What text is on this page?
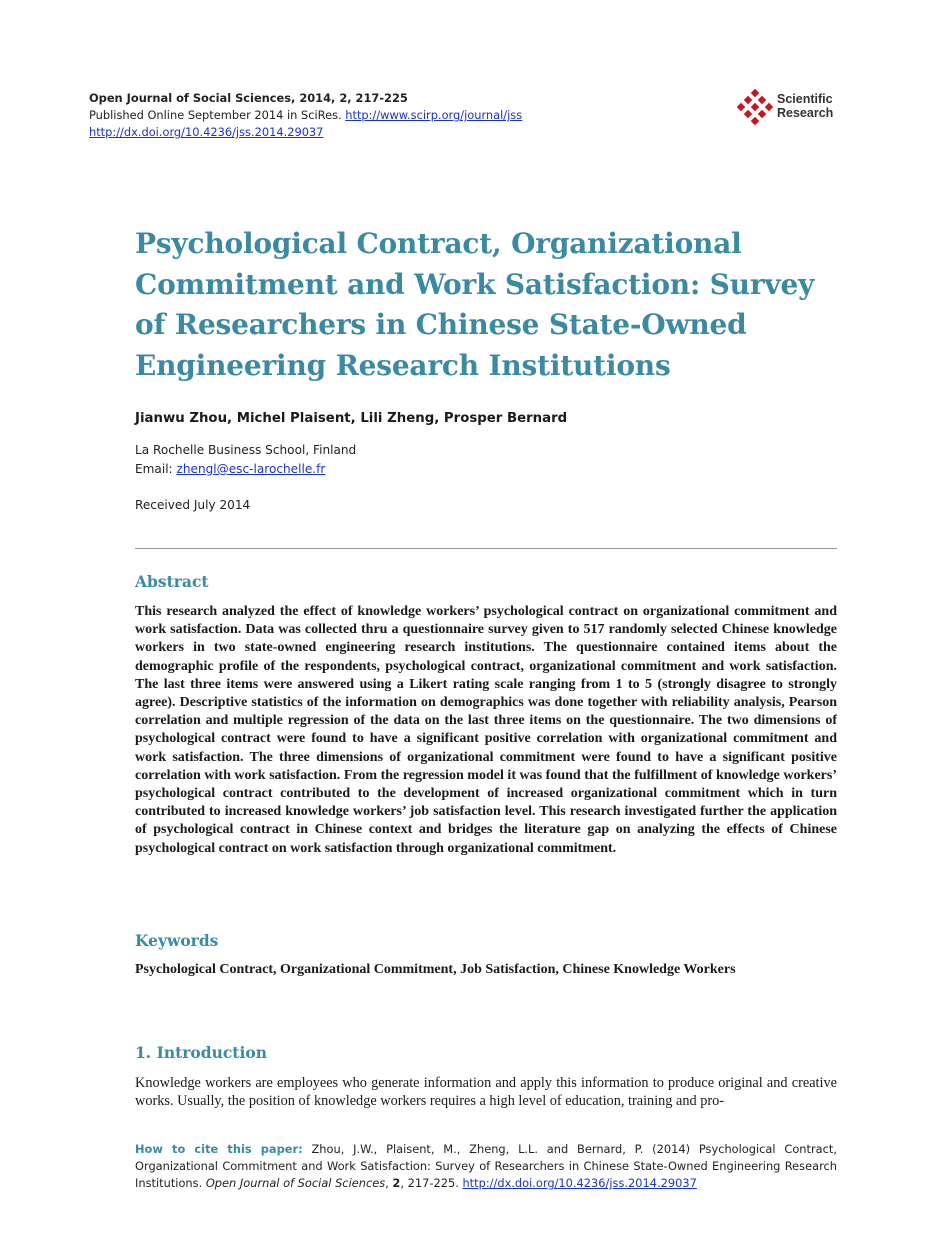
Open Journal of Social Sciences, 2014, 2, 217-225
Published Online September 2014 in SciRes. http://www.scirp.org/journal/jss
http://dx.doi.org/10.4236/jss.2014.29037
Scientific
Research
Psychological Contract, Organizational Commitment and Work Satisfaction: Survey of Researchers in Chinese State-Owned Engineering Research Institutions
Jianwu Zhou, Michel Plaisent, Lili Zheng, Prosper Bernard
La Rochelle Business School, Finland
Email: zhengl@esc-larochelle.fr
Received July 2014
Abstract

This research analyzed the effect of knowledge workers’ psychological contract on organizational commitment and work satisfaction. Data was collected thru a questionnaire survey given to 517 randomly selected Chinese knowledge workers in two state-owned engineering research institutions. The questionnaire contained items about the demographic profile of the respondents, psychological contract, organizational commitment and work satisfaction. The last three items were answered using a Likert rating scale ranging from 1 to 5 (strongly disagree to strongly agree). Descriptive statistics of the information on demographics was done together with reliability analysis, Pearson correlation and multiple regression of the data on the last three items on the questionnaire. The two dimensions of psychological contract were found to have a significant positive correlation with organizational commitment and work satisfaction. The three dimensions of organizational commitment were found to have a significant positive correlation with work satisfaction. From the regression model it was found that the fulfillment of knowledge workers’ psychological contract contributed to the development of increased organizational commitment which in turn contributed to increased knowledge workers’ job satisfaction level. This research investigated further the application of psychological contract in Chinese context and bridges the literature gap on analyzing the effects of Chinese psychological contract on work satisfaction through organizational commitment.

Keywords
Psychological Contract, Organizational Commitment, Job Satisfaction, Chinese Knowledge Workers
1. Introduction

Knowledge workers are employees who generate information and apply this information to produce original and creative works. Usually, the position of knowledge workers requires a high level of education, training and pro-

How to cite this paper: Zhou, J.W., Plaisent, M., Zheng, L.L. and Bernard, P. (2014) Psychological Contract, Organizational Commitment and Work Satisfaction: Survey of Researchers in Chinese State-Owned Engineering Research Institutions. Open Journal of Social Sciences, 2, 217-225. http://dx.doi.org/10.4236/jss.2014.29037
